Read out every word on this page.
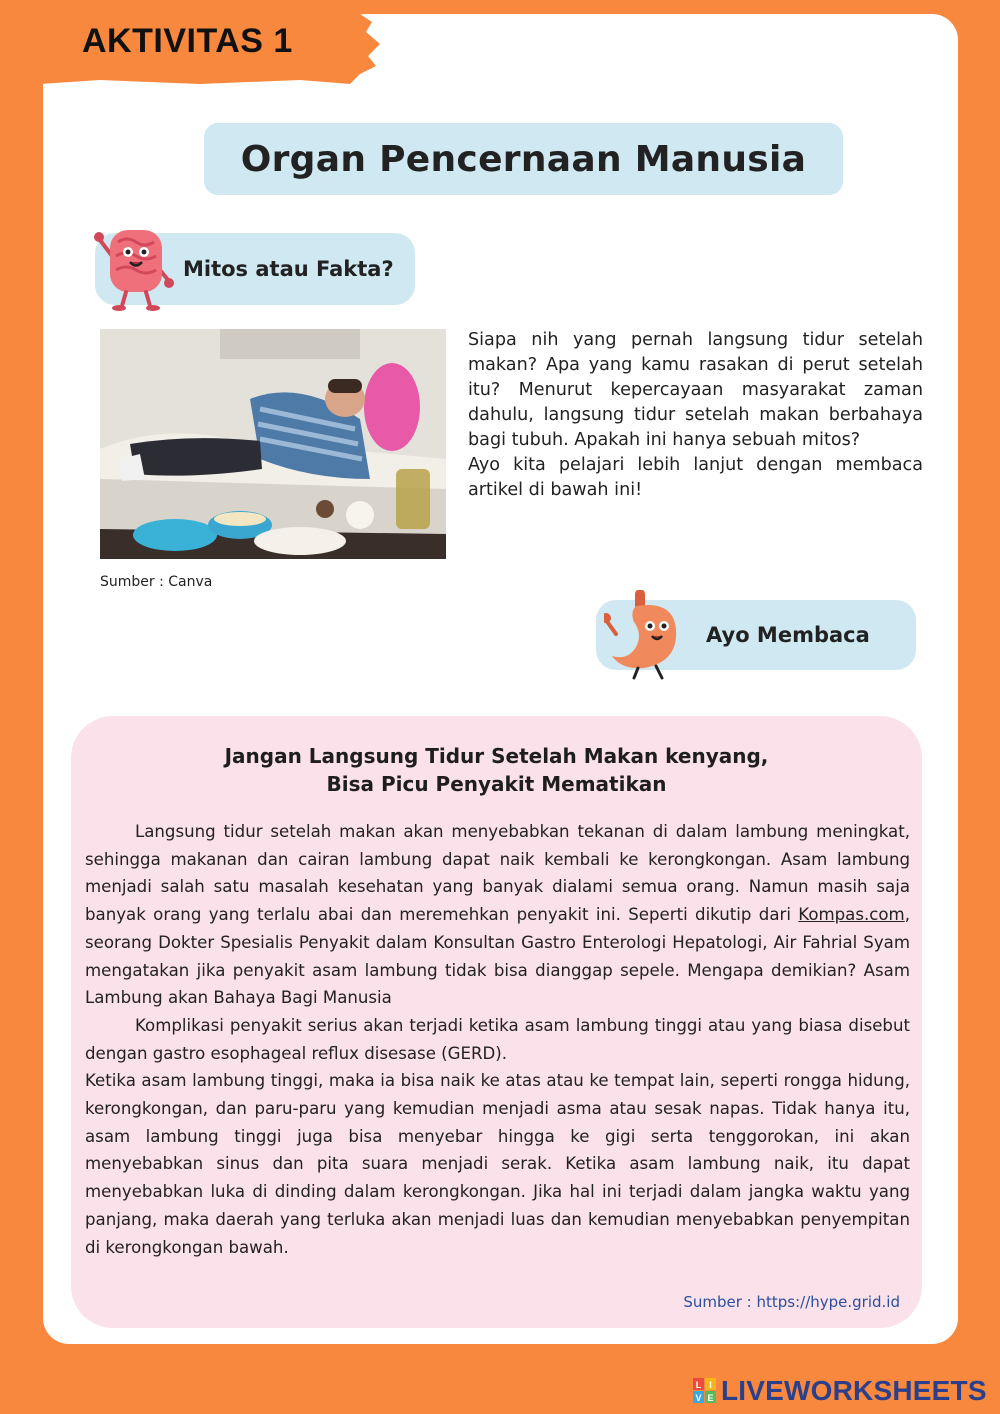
AKTIVITAS 1
Organ Pencernaan Manusia
Mitos atau Fakta?
Sumber : Canva

Siapa nih yang pernah langsung tidur setelah makan? Apa yang kamu rasakan di perut setelah itu? Menurut kepercayaan masyarakat zaman dahulu, langsung tidur setelah makan berbahaya bagi tubuh. Apakah ini hanya sebuah mitos?

Ayo kita pelajari lebih lanjut dengan membaca artikel di bawah ini!

Ayo Membaca
Jangan Langsung Tidur Setelah Makan kenyang,
Bisa Picu Penyakit Mematikan

Langsung tidur setelah makan akan menyebabkan tekanan di dalam lambung meningkat, sehingga makanan dan cairan lambung dapat naik kembali ke kerongkongan. Asam lambung menjadi salah satu masalah kesehatan yang banyak dialami semua orang. Namun masih saja banyak orang yang terlalu abai dan meremehkan penyakit ini. Seperti dikutip dari Kompas.com, seorang Dokter Spesialis Penyakit dalam Konsultan Gastro Enterologi Hepatologi, Air Fahrial Syam mengatakan jika penyakit asam lambung tidak bisa dianggap sepele. Mengapa demikian? Asam Lambung akan Bahaya Bagi Manusia

Komplikasi penyakit serius akan terjadi ketika asam lambung tinggi atau yang biasa disebut dengan gastro esophageal reflux disesase (GERD).

Ketika asam lambung tinggi, maka ia bisa naik ke atas atau ke tempat lain, seperti rongga hidung, kerongkongan, dan paru-paru yang kemudian menjadi asma atau sesak napas. Tidak hanya itu, asam lambung tinggi juga bisa menyebar hingga ke gigi serta tenggorokan, ini akan menyebabkan sinus dan pita suara menjadi serak. Ketika asam lambung naik, itu dapat menyebabkan luka di dinding dalam kerongkongan. Jika hal ini terjadi dalam jangka waktu yang panjang, maka daerah yang terluka akan menjadi luas dan kemudian menyebabkan penyempitan di kerongkongan bawah.

Sumber : https://hype.grid.id
L I
V E LIVEWORKSHEETS
